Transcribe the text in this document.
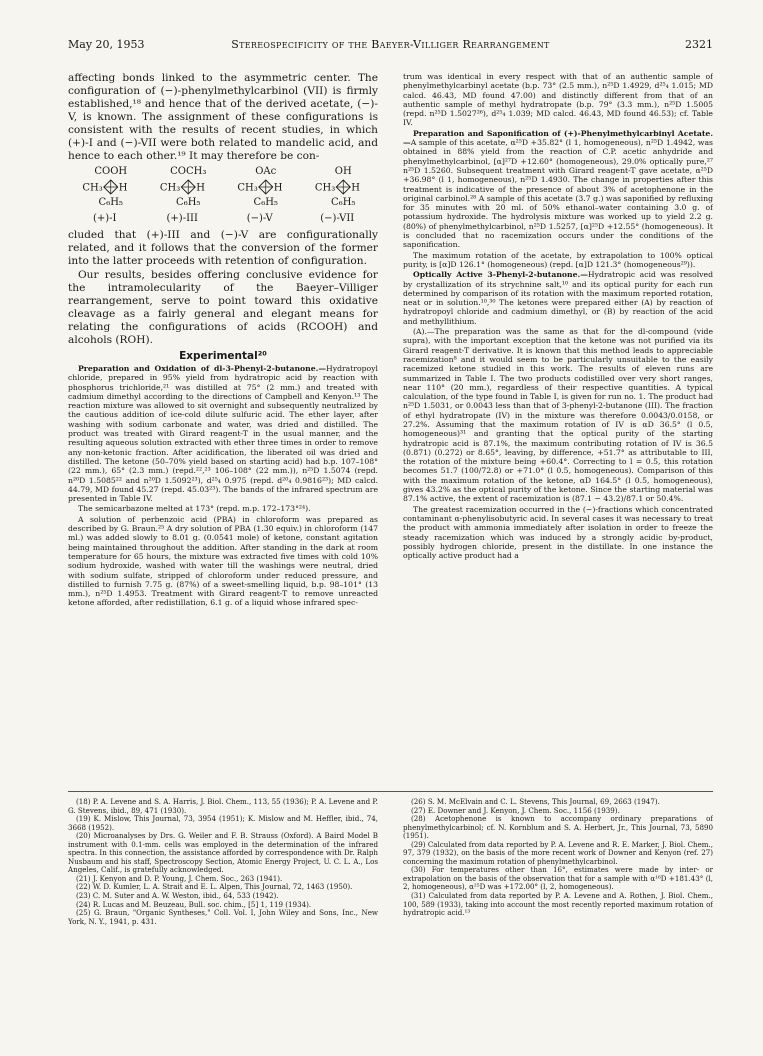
May 20, 1953	Stereospecificity of the Baeyer-Villiger Rearrangement	2321

affecting bonds linked to the asymmetric center. The configuration of (−)-phenylmethylcarbinol (VII) is firmly established,¹⁸ and hence that of the derived acetate, (−)-V, is known. The assignment of these configurations is consistent with the results of recent studies, in which (+)-I and (−)-VII were both related to mandelic acid, and hence to each other.¹⁹ It may therefore be con-

COOH
CH₃ H
C₆H₅
(+)-I
COCH₃
CH₃ H
C₆H₅
(+)-III
OAc
CH₃ H
C₆H₅
(−)-V
OH
CH₃ H
C₆H₅
(−)-VII

cluded that (+)-III and (−)-V are configurationally related, and it follows that the conversion of the former into the latter proceeds with retention of configuration.

Our results, besides offering conclusive evidence for the intramolecularity of the Baeyer–Villiger rearrangement, serve to point toward this oxidative cleavage as a fairly general and elegant means for relating the configurations of acids (RCOOH) and alcohols (ROH).

Experimental²⁰

Preparation and Oxidation of dl-3-Phenyl-2-butanone.—Hydratropoyl chloride, prepared in 95% yield from hydratropic acid by reaction with phosphorus trichloride,²¹ was distilled at 75° (2 mm.) and treated with cadmium dimethyl according to the directions of Campbell and Kenyon.¹³ The reaction mixture was allowed to sit overnight and subsequently neutralized by the cautious addition of ice-cold dilute sulfuric acid. The ether layer, after washing with sodium carbonate and water, was dried and distilled. The product was treated with Girard reagent-T in the usual manner, and the resulting aqueous solution extracted with ether three times in order to remove any non-ketonic fraction. After acidification, the liberated oil was dried and distilled. The ketone (50–70% yield based on starting acid) had b.p. 107–108° (22 mm.), 65° (2.3 mm.) (repd.²²,²³ 106–108° (22 mm.)), n²⁵D 1.5074 (repd. n²⁰D 1.5085²² and n²⁰D 1.5092²³), d²⁵₄ 0.975 (repd. d²⁰₄ 0.9816²³); MD calcd. 44.79, MD found 45.27 (repd. 45.03²³). The bands of the infrared spectrum are presented in Table IV.

The semicarbazone melted at 173° (repd. m.p. 172–173°²⁴).

A solution of perbenzoic acid (PBA) in chloroform was prepared as described by G. Braun.²⁵ A dry solution of PBA (1.30 equiv.) in chloroform (147 ml.) was added slowly to 8.01 g. (0.0541 mole) of ketone, constant agitation being maintained throughout the addition. After standing in the dark at room temperature for 65 hours, the mixture was extracted five times with cold 10% sodium hydroxide, washed with water till the washings were neutral, dried with sodium sulfate, stripped of chloroform under reduced pressure, and distilled to furnish 7.75 g. (87%) of a sweet-smelling liquid, b.p. 98–101° (13 mm.), n²⁵D 1.4953. Treatment with Girard reagent-T to remove unreacted ketone afforded, after redistillation, 6.1 g. of a liquid whose infrared spec-

trum was identical in every respect with that of an authentic sample of phenylmethylcarbinyl acetate (b.p. 73° (2.5 mm.), n²⁵D 1.4929, d²⁵₄ 1.015; MD calcd. 46.43, MD found 47.00) and distinctly different from that of an authentic sample of methyl hydratropate (b.p. 79° (3.3 mm.), n²⁵D 1.5005 (repd. n²⁵D 1.5027²⁶), d²⁵₄ 1.039; MD calcd. 46.43, MD found 46.53); cf. Table IV.

Preparation and Saponification of (+)-Phenylmethylcarbinyl Acetate.—A sample of this acetate, α²⁵D +35.82° (l 1, homogeneous), n²⁵D 1.4942, was obtained in 88% yield from the reaction of C.P. acetic anhydride and phenylmethylcarbinol, [α]²⁷D +12.60° (homogeneous), 29.0% optically pure,²⁷ n²⁵D 1.5260. Subsequent treatment with Girard reagent-T gave acetate, α²⁵D +36.98° (l 1, homogeneous), n²⁵D 1.4930. The change in properties after this treatment is indicative of the presence of about 3% of acetophenone in the original carbinol.²⁸ A sample of this acetate (3.7 g.) was saponified by refluxing for 35 minutes with 20 ml. of 50% ethanol–water containing 3.0 g. of potassium hydroxide. The hydrolysis mixture was worked up to yield 2.2 g. (80%) of phenylmethylcarbinol, n²⁵D 1.5257, [α]²⁵D +12.55° (homogeneous). It is concluded that no racemization occurs under the conditions of the saponification.

The maximum rotation of the acetate, by extrapolation to 100% optical purity, is [α]D 126.1° (homogeneous) (repd. [α]D 121.3° (homogeneous²⁹)).

Optically Active 3-Phenyl-2-butanone.—Hydratropic acid was resolved by crystallization of its strychnine salt,¹⁰ and its optical purity for each run determined by comparison of its rotation with the maximum reported rotation, neat or in solution.¹⁰,³⁰ The ketones were prepared either (A) by reaction of hydratropoyl chloride and cadmium dimethyl, or (B) by reaction of the acid and methyllithium.

(A).—The preparation was the same as that for the dl-compound (vide supra), with the important exception that the ketone was not purified via its Girard reagent-T derivative. It is known that this method leads to appreciable racemization⁸ and it would seem to be particularly unsuitable to the easily racemized ketone studied in this work. The results of eleven runs are summarized in Table I. The two products codistilled over very short ranges, near 110° (20 mm.), regardless of their respective quantities. A typical calculation, of the type found in Table I, is given for run no. 1. The product had n²⁵D 1.5031, or 0.0043 less than that of 3-phenyl-2-butanone (III). The fraction of ethyl hydratropate (IV) in the mixture was therefore 0.0043/0.0158, or 27.2%. Assuming that the maximum rotation of IV is αD 36.5° (l 0.5, homogeneous)³¹ and granting that the optical purity of the starting hydratropic acid is 87.1%, the maximum contributing rotation of IV is 36.5 (0.871) (0.272) or 8.65°, leaving, by difference, +51.7° as attributable to III, the rotation of the mixture being +60.4°. Correcting to l = 0.5, this rotation becomes 51.7 (100/72.8) or +71.0° (l 0.5, homogeneous). Comparison of this with the maximum rotation of the ketone, αD 164.5° (l 0.5, homogeneous), gives 43.2% as the optical purity of the ketone. Since the starting material was 87.1% active, the extent of racemization is (87.1 − 43.2)/87.1 or 50.4%.

The greatest racemization occurred in the (−)-fractions which concentrated contaminant α-phenylisobutyric acid. In several cases it was necessary to treat the product with ammonia immediately after isolation in order to freeze the steady racemization which was induced by a strongly acidic by-product, possibly hydrogen chloride, present in the distillate. In one instance the optically active product had a

(18) P. A. Levene and S. A. Harris, J. Biol. Chem., 113, 55 (1936); P. A. Levene and P. G. Stevens, ibid., 89, 471 (1930).

(19) K. Mislow, This Journal, 73, 3954 (1951); K. Mislow and M. Heffler, ibid., 74, 3668 (1952).

(20) Microanalyses by Drs. G. Weiler and F. B. Strauss (Oxford). A Baird Model B instrument with 0.1-mm. cells was employed in the determination of the infrared spectra. In this connection, the assistance afforded by correspondence with Dr. Ralph Nusbaum and his staff, Spectroscopy Section, Atomic Energy Project, U. C. L. A., Los Angeles, Calif., is gratefully acknowledged.

(21) J. Kenyon and D. P. Young, J. Chem. Soc., 263 (1941).

(22) W. D. Kumler, L. A. Strait and E. L. Alpen, This Journal, 72, 1463 (1950).

(23) C. M. Suter and A. W. Weston, ibid., 64, 533 (1942).

(24) R. Lucas and M. Beuzeau, Bull. soc. chim., [5] 1, 119 (1934).

(25) G. Braun, "Organic Syntheses," Coll. Vol. I, John Wiley and Sons, Inc., New York, N. Y., 1941, p. 431.

(26) S. M. McElvain and C. L. Stevens, This Journal, 69, 2663 (1947).

(27) E. Downer and J. Kenyon, J. Chem. Soc., 1156 (1939).

(28) Acetophenone is known to accompany ordinary preparations of phenylmethylcarbinol; cf. N. Kornblum and S. A. Herbert, Jr., This Journal, 73, 5890 (1951).

(29) Calculated from data reported by P. A. Levene and R. E. Marker, J. Biol. Chem., 97, 379 (1932), on the basis of the more recent work of Downer and Kenyon (ref. 27) concerning the maximum rotation of phenylmethylcarbinol.

(30) For temperatures other than 16°, estimates were made by inter- or extrapolation on the basis of the observation that for a sample with α¹⁶D +181.43° (l, 2, homogeneous), α²⁵D was +172.00° (l, 2, homogeneous).

(31) Calculated from data reported by P. A. Levene and A. Rothen, J. Biol. Chem., 100, 589 (1933), taking into account the most recently reported maximum rotation of hydratropic acid.¹³
